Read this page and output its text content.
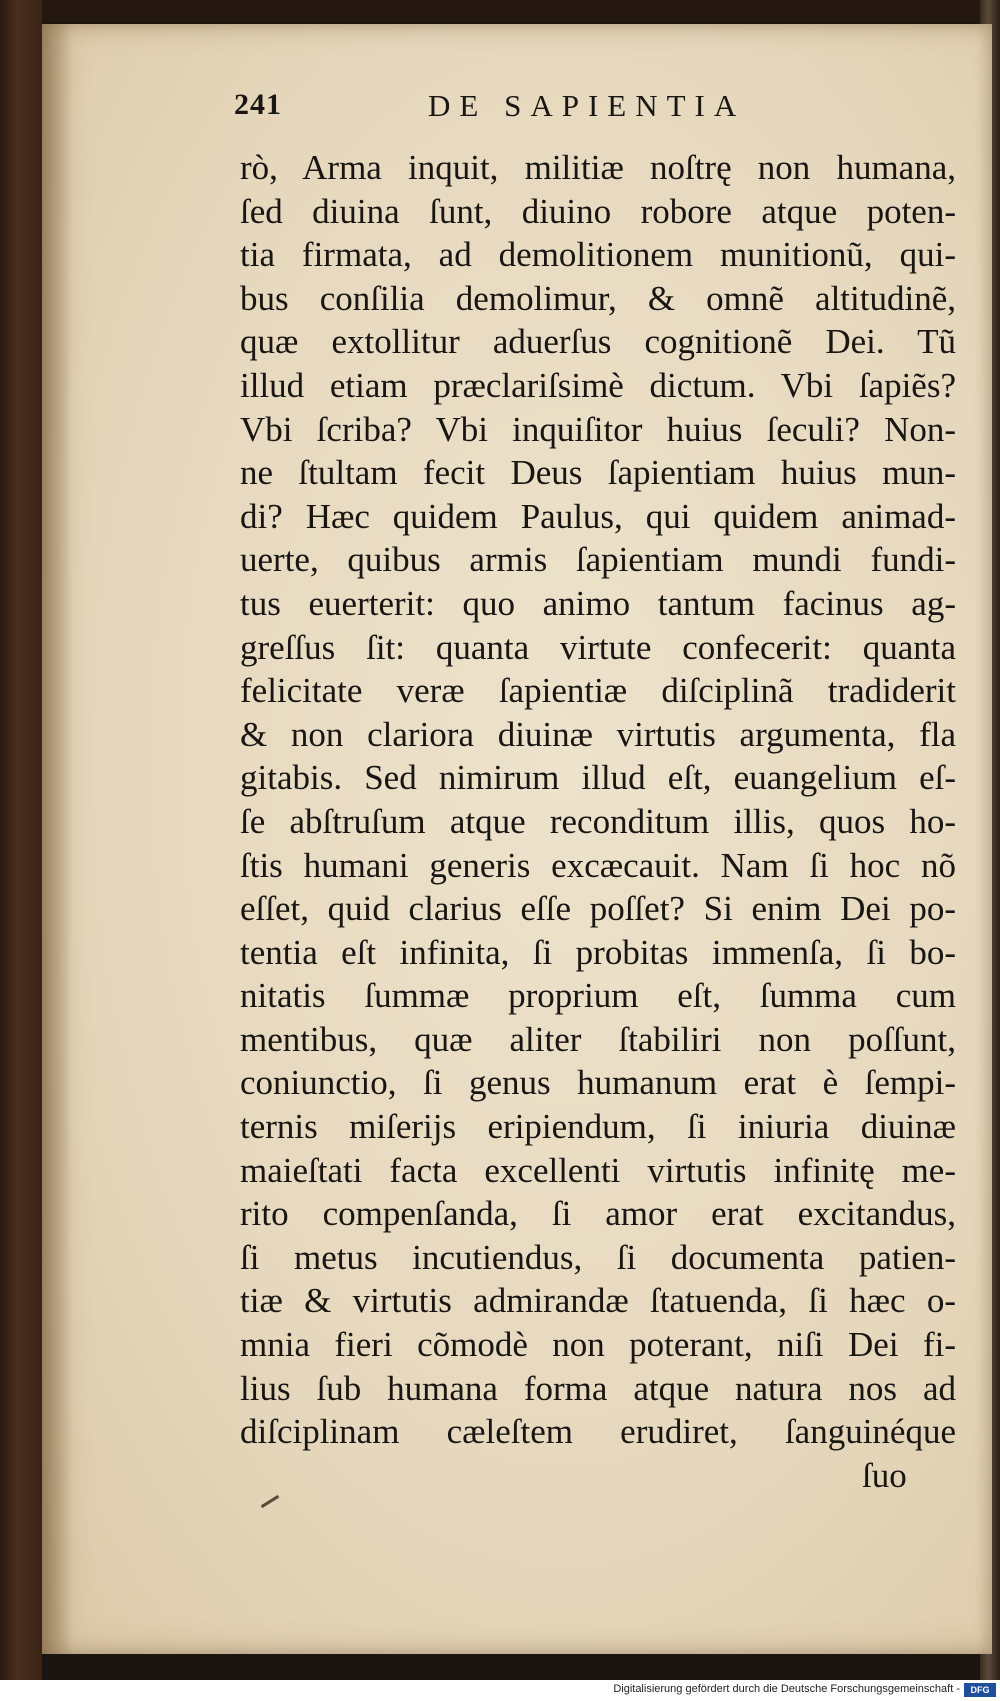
241	DE SAPIENTIA
rò, Arma inquit, militiæ noſtrę non humana,
ſed diuina ſunt, diuino robore atque poten-
tia firmata, ad demolitionem munitionũ, qui-
bus conſilia demolimur, & omnẽ altitudinẽ,
quæ extollitur aduerſus cognitionẽ Dei. Tũ
illud etiam præclariſsimè dictum. Vbi ſapiẽs?
Vbi ſcriba? Vbi inquiſitor huius ſeculi? Non-
ne ſtultam fecit Deus ſapientiam huius mun-
di? Hæc quidem Paulus, qui quidem animad-
uerte, quibus armis ſapientiam mundi fundi-
tus euerterit: quo animo tantum facinus ag-
greſſus ſit: quanta virtute confecerit: quanta
felicitate veræ ſapientiæ diſciplinã tradiderit
& non clariora diuinæ virtutis argumenta, fla
gitabis. Sed nimirum illud eſt, euangelium eſ-
ſe abſtruſum atque reconditum illis, quos ho-
ſtis humani generis excæcauit. Nam ſi hoc nõ
eſſet, quid clarius eſſe poſſet? Si enim Dei po-
tentia eſt infinita, ſi probitas immenſa, ſi bo-
nitatis ſummæ proprium eſt, ſumma cum
mentibus, quæ aliter ſtabiliri non poſſunt,
coniunctio, ſi genus humanum erat è ſempi-
ternis miſerijs eripiendum, ſi iniuria diuinæ
maieſtati facta excellenti virtutis infinitę me-
rito compenſanda, ſi amor erat excitandus,
ſi metus incutiendus, ſi documenta patien-
tiæ & virtutis admirandæ ſtatuenda, ſi hæc o-
mnia fieri cõmodè non poterant, niſi Dei fi-
lius ſub humana forma atque natura nos ad
diſciplinam cæleſtem erudiret, ſanguinéque
ſuo
Digitalisierung gefördert durch die Deutsche Forschungsgemeinschaft -	DFG
